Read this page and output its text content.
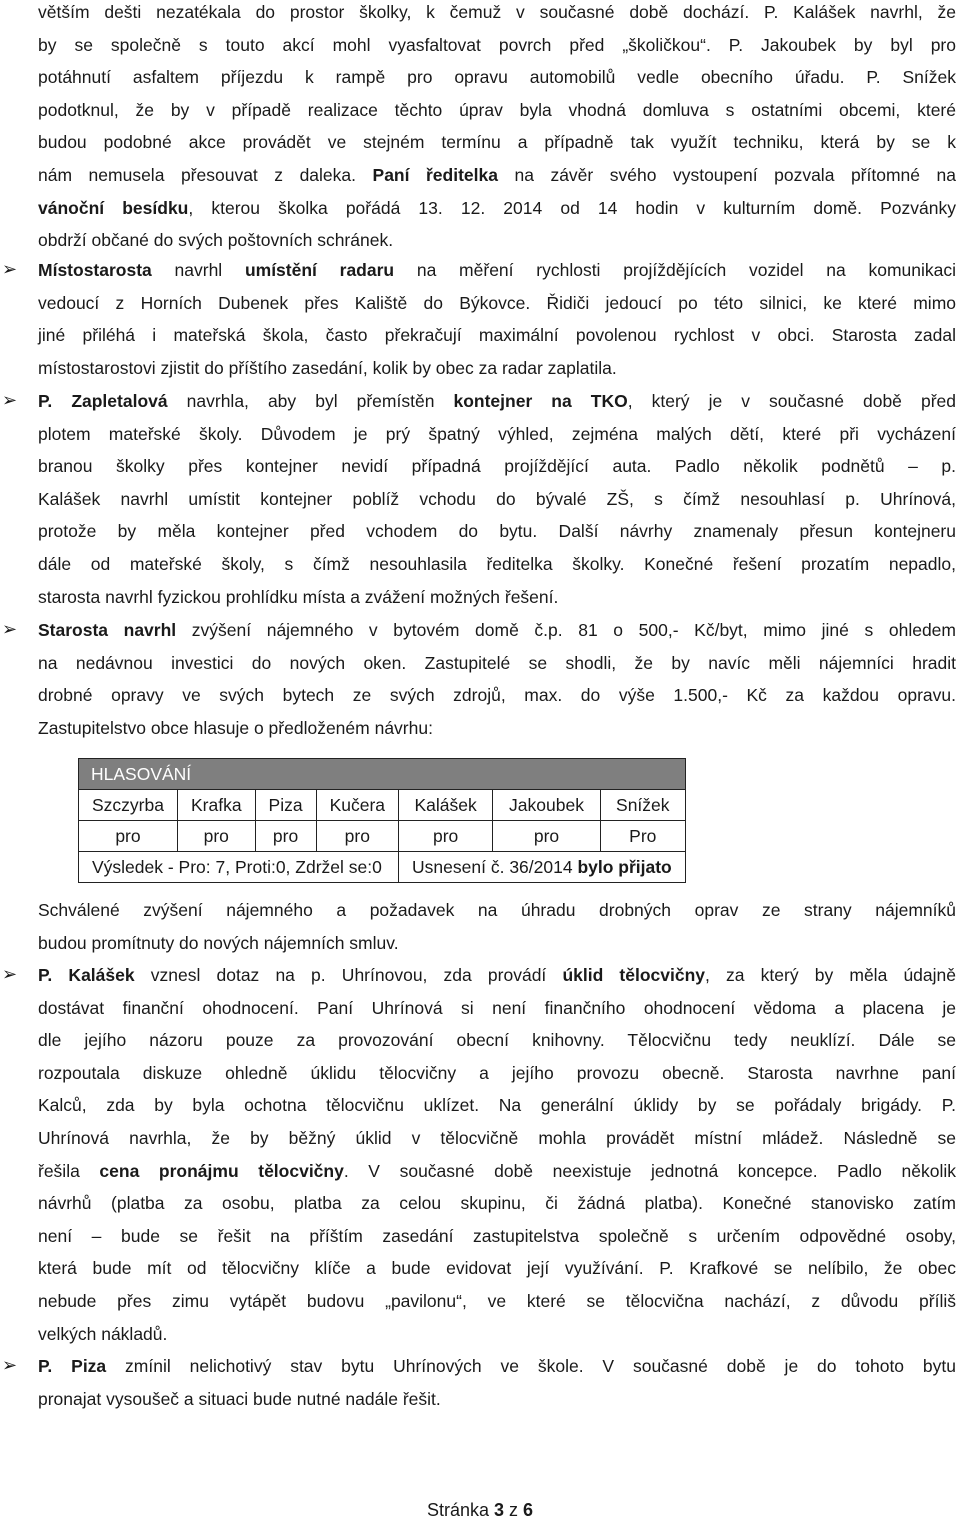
větším dešti nezatékala do prostor školky, k čemuž v současné době dochází. P. Kalášek navrhl, že
by se společně s touto akcí mohl vyasfaltovat povrch před „školičkou“. P. Jakoubek by byl pro
potáhnutí asfaltem příjezdu k rampě pro opravu automobilů vedle obecního úřadu. P. Snížek
podotknul, že by v případě realizace těchto úprav byla vhodná domluva s ostatními obcemi, které
budou podobné akce provádět ve stejném termínu a případně tak využít techniku, která by se k
nám nemusela přesouvat z daleka. Paní ředitelka na závěr svého vystoupení pozvala přítomné na
vánoční besídku, kterou školka pořádá 13. 12. 2014 od 14 hodin v kulturním domě. Pozvánky
obdrží občané do svých poštovních schránek.
➢ Místostarosta navrhl umístění radaru na měření rychlosti projíždějících vozidel na komunikaci
vedoucí z Horních Dubenek přes Kaliště do Býkovce. Řidiči jedoucí po této silnici, ke které mimo
jiné přiléhá i mateřská škola, často překračují maximální povolenou rychlost v obci. Starosta zadal
místostarostovi zjistit do příštího zasedání, kolik by obec za radar zaplatila.
➢ P. Zapletalová navrhla, aby byl přemístěn kontejner na TKO, který je v současné době před
plotem mateřské školy. Důvodem je prý špatný výhled, zejména malých dětí, které při vycházení
branou školky přes kontejner nevidí případná projíždějící auta. Padlo několik podnětů – p.
Kalášek navrhl umístit kontejner poblíž vchodu do bývalé ZŠ, s čímž nesouhlasí p. Uhrínová,
protože by měla kontejner před vchodem do bytu. Další návrhy znamenaly přesun kontejneru
dále od mateřské školy, s čímž nesouhlasila ředitelka školky. Konečné řešení prozatím nepadlo,
starosta navrhl fyzickou prohlídku místa a zvážení možných řešení.
➢ Starosta navrhl zvýšení nájemného v bytovém domě č.p. 81 o 500,- Kč/byt, mimo jiné s ohledem
na nedávnou investici do nových oken. Zastupitelé se shodli, že by navíc měli nájemníci hradit
drobné opravy ve svých bytech ze svých zdrojů, max. do výše 1.500,- Kč za každou opravu.
Zastupitelstvo obce hlasuje o předloženém návrhu:
HLASOVÁNÍ						
Szczyrba	Krafka	Piza	Kučera	Kalášek	Jakoubek	Snížek
pro	pro	pro	pro	pro	pro	Pro
Výsledek - Pro: 7, Proti:0, Zdržel se:0				Usnesení č. 36/2014 bylo přijato		
Schválené zvýšení nájemného a požadavek na úhradu drobných oprav ze strany nájemníků
budou promítnuty do nových nájemních smluv.
➢ P. Kalášek vznesl dotaz na p. Uhrínovou, zda provádí úklid tělocvičny, za který by měla údajně
dostávat finanční ohodnocení. Paní Uhrínová si není finančního ohodnocení vědoma a placena je
dle jejího názoru pouze za provozování obecní knihovny. Tělocvičnu tedy neuklízí. Dále se
rozpoutala diskuze ohledně úklidu tělocvičny a jejího provozu obecně. Starosta navrhne paní
Kalců, zda by byla ochotna tělocvičnu uklízet. Na generální úklidy by se pořádaly brigády. P.
Uhrínová navrhla, že by běžný úklid v tělocvičně mohla provádět místní mládež. Následně se
řešila cena pronájmu tělocvičny. V současné době neexistuje jednotná koncepce. Padlo několik
návrhů (platba za osobu, platba za celou skupinu, či žádná platba). Konečné stanovisko zatím
není – bude se řešit na příštím zasedání zastupitelstva společně s určením odpovědné osoby,
která bude mít od tělocvičny klíče a bude evidovat její využívání. P. Krafkové se nelíbilo, že obec
nebude přes zimu vytápět budovu „pavilonu“, ve které se tělocvična nachází, z důvodu příliš
velkých nákladů.
➢ P. Piza zmínil nelichotivý stav bytu Uhrínových ve škole. V současné době je do tohoto bytu
pronajat vysoušeč a situaci bude nutné nadále řešit.
Stránka 3 z 6
